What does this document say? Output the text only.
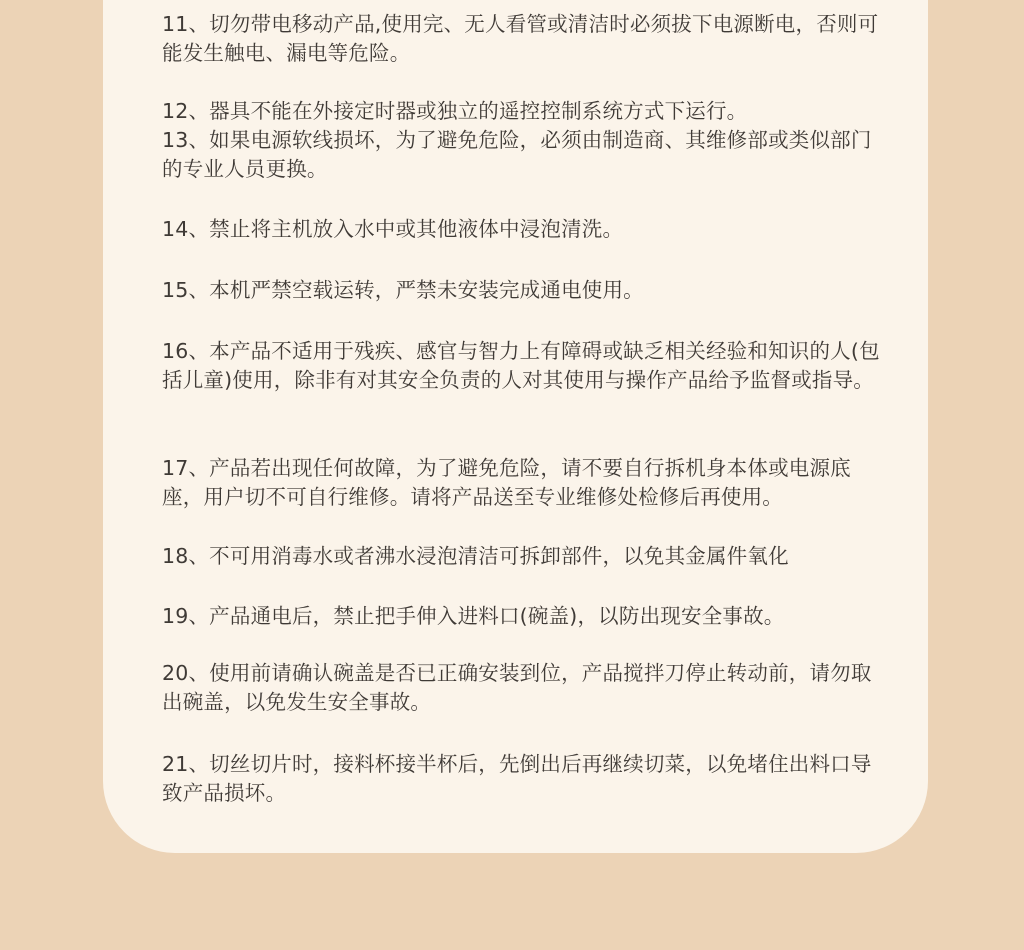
11、切勿带电移动产品,使用完、无人看管或清洁时必须拔下电源断电，否则可能发生触电、漏电等危险。
12、器具不能在外接定时器或独立的遥控控制系统方式下运行。
13、如果电源软线损坏，为了避免危险，必须由制造商、其维修部或类似部门的专业人员更换。
14、禁止将主机放入水中或其他液体中浸泡清洗。
15、本机严禁空载运转，严禁未安装完成通电使用。
16、本产品不适用于残疾、感官与智力上有障碍或缺乏相关经验和知识的人(包括儿童)使用，除非有对其安全负责的人对其使用与操作产品给予监督或指导。
17、产品若出现任何故障，为了避免危险，请不要自行拆机身本体或电源底座，用户切不可自行维修。请将产品送至专业维修处检修后再使用。
18、不可用消毒水或者沸水浸泡清洁可拆卸部件，以免其金属件氧化
19、产品通电后，禁止把手伸入进料口(碗盖)，以防出现安全事故。
20、使用前请确认碗盖是否已正确安装到位，产品搅拌刀停止转动前，请勿取出碗盖，以免发生安全事故。
21、切丝切片时，接料杯接半杯后，先倒出后再继续切菜，以免堵住出料口导致产品损坏。
